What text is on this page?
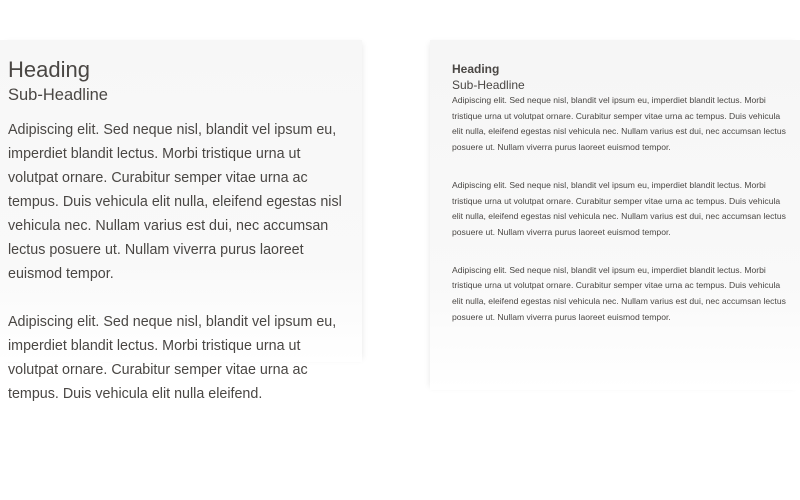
Heading
Sub-Headline

Adipiscing elit. Sed neque nisl, blandit vel ipsum eu, imperdiet blandit lectus. Morbi tristique urna ut volutpat ornare. Curabitur semper vitae urna ac tempus. Duis vehicula elit nulla, eleifend egestas nisl vehicula nec. Nullam varius est dui, nec accumsan lectus posuere ut. Nullam viverra purus laoreet euismod tempor.

Adipiscing elit. Sed neque nisl, blandit vel ipsum eu, imperdiet blandit lectus. Morbi tristique urna ut volutpat ornare. Curabitur semper vitae urna ac tempus. Duis vehicula elit nulla eleifend.

Heading
Sub-Headline

Adipiscing elit. Sed neque nisl, blandit vel ipsum eu, imperdiet blandit lectus. Morbi tristique urna ut volutpat ornare. Curabitur semper vitae urna ac tempus. Duis vehicula elit nulla, eleifend egestas nisl vehicula nec. Nullam varius est dui, nec accumsan lectus posuere ut. Nullam viverra purus laoreet euismod tempor.

Adipiscing elit. Sed neque nisl, blandit vel ipsum eu, imperdiet blandit lectus. Morbi tristique urna ut volutpat ornare. Curabitur semper vitae urna ac tempus. Duis vehicula elit nulla, eleifend egestas nisl vehicula nec. Nullam varius est dui, nec accumsan lectus posuere ut. Nullam viverra purus laoreet euismod tempor.

Adipiscing elit. Sed neque nisl, blandit vel ipsum eu, imperdiet blandit lectus. Morbi tristique urna ut volutpat ornare. Curabitur semper vitae urna ac tempus. Duis vehicula elit nulla, eleifend egestas nisl vehicula nec. Nullam varius est dui, nec accumsan lectus posuere ut. Nullam viverra purus laoreet euismod tempor.
